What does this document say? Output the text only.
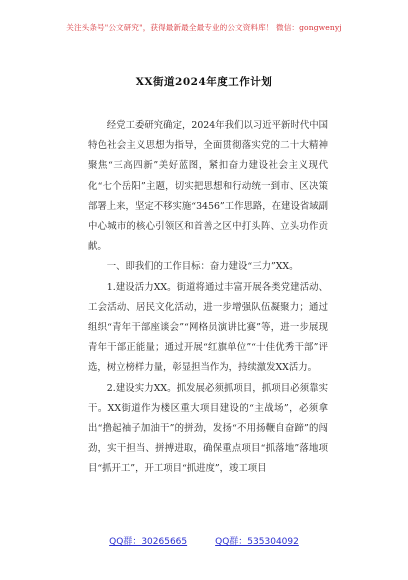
关注头条号"公文研究"，获得最新最全最专业的公文资料库！ 微信：gongwenyj
XX街道2024年度工作计划

经党工委研究确定，2024年我们以习近平新时代中国特色社会主义思想为指导，全面贯彻落实党的二十大精神聚焦“三高四新”美好蓝图，紧扣奋力建设社会主义现代化“七个岳阳”主题，切实把思想和行动统一到市、区决策部署上来，坚定不移实施“3456”工作思路，在建设省域副中心城市的核心引领区和首善之区中打头阵、立头功作贡献。

一、即我们的工作目标：奋力建设“三力”XX。

1.建设活力XX。街道将通过丰富开展各类党建活动、工会活动、居民文化活动，进一步增强队伍凝聚力；通过组织“青年干部座谈会”“网格员演讲比赛”等，进一步展现青年干部正能量；通过开展“红旗单位”“十佳优秀干部”评选，树立榜样力量，彰显担当作为，持续激发XX活力。

2.建设实力XX。抓发展必须抓项目，抓项目必须靠实干。XX街道作为楼区重大项目建设的“主战场”，必须拿出“撸起袖子加油干”的拼劲，发扬“不用扬鞭自奋蹄”的闯劲，实干担当、拼搏进取，确保重点项目“抓落地”落地项目“抓开工”，开工项目“抓进度”，竣工项目

QQ群：30265665	QQ群：535304092
